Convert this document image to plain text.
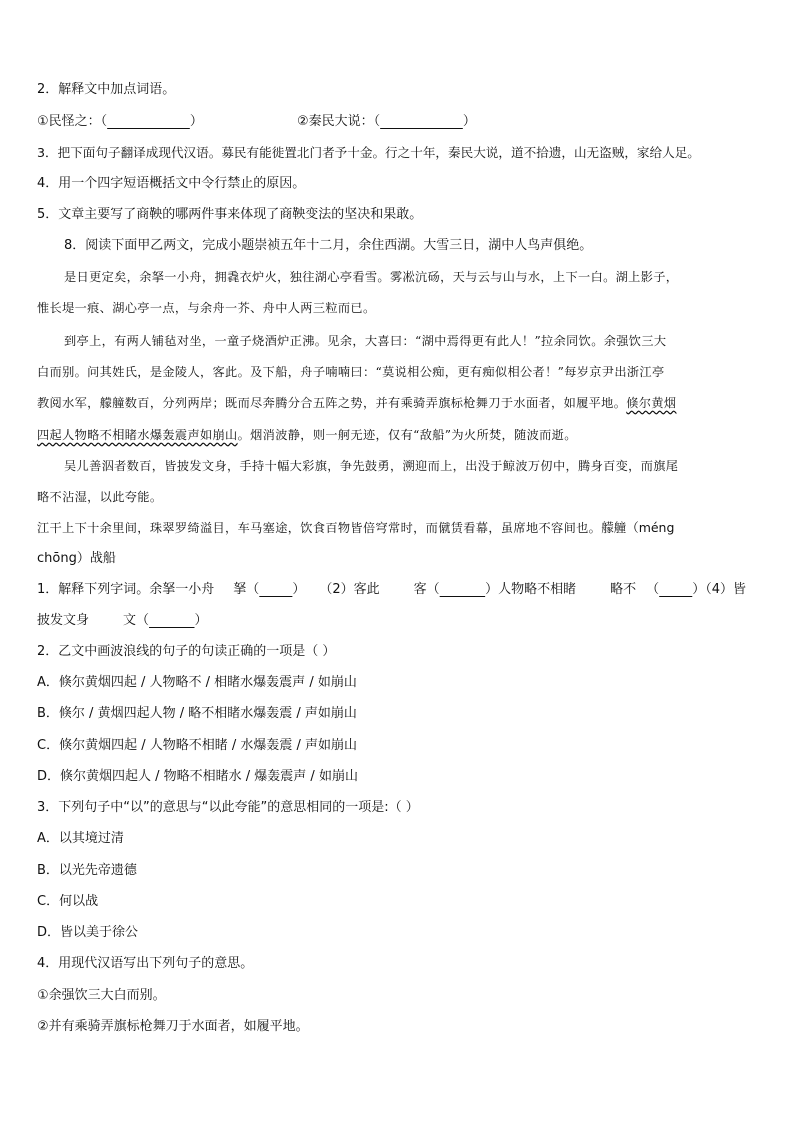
2．解释文中加点词语。
①民怪之：（	）	②秦民大说：（	）
3．把下面句子翻译成现代汉语。募民有能徙置北门者予十金。行之十年，秦民大说，道不拾遗，山无盗贼，家给人足。
4．用一个四字短语概括文中令行禁止的原因。
5．文章主要写了商鞅的哪两件事来体现了商鞅变法的坚决和果敢。
8．阅读下面甲乙两文，完成小题崇祯五年十二月，余住西湖。大雪三日，湖中人鸟声俱绝。
是日更定矣，余拏一小舟，拥毳衣炉火，独往湖心亭看雪。雾凇沆砀，天与云与山与水，上下一白。湖上影子，
惟长堤一痕、湖心亭一点，与余舟一芥、舟中人两三粒而已。
到亭上，有两人铺毡对坐，一童子烧酒炉正沸。见余，大喜曰：“湖中焉得更有此人！”拉余同饮。余强饮三大
白而别。问其姓氏，是金陵人，客此。及下船，舟子喃喃曰：“莫说相公痴，更有痴似相公者！”每岁京尹出浙江亭
教阅水军，艨艟数百，分列两岸；既而尽奔腾分合五阵之势，并有乘骑弄旗标枪舞刀于水面者，如履平地。倏尔黄烟
四起人物略不相睹水爆轰震声如崩山。烟消波静，则一舸无迹，仅有“敌船”为火所焚，随波而逝。
吴儿善泅者数百，皆披发文身，手持十幅大彩旗，争先鼓勇，溯迎而上，出没于鲸波万仞中，腾身百变，而旗尾
略不沾湿，以此夸能。
江干上下十余里间，珠翠罗绮溢目，车马塞途，饮食百物皆倍穹常时，而僦赁看幕，虽席地不容间也。艨艟（méng
chōng）战船
1．解释下列字词。余拏一小舟 拏（	） （2）客此	客（	）人物略不相睹	略不 （	）（4）皆
披发文身	文（	）
2．乙文中画波浪线的句子的句读正确的一项是（ ）
A．倏尔黄烟四起 / 人物略不 / 相睹水爆轰震声 / 如崩山
B．倏尔 / 黄烟四起人物 / 略不相睹水爆轰震 / 声如崩山
C．倏尔黄烟四起 / 人物略不相睹 / 水爆轰震 / 声如崩山
D．倏尔黄烟四起人 / 物略不相睹水 / 爆轰震声 / 如崩山
3．下列句子中“以”的意思与“以此夸能”的意思相同的一项是:（ ）
A．以其境过清
B．以光先帝遗德
C．何以战
D．皆以美于徐公
4．用现代汉语写出下列句子的意思。
①余强饮三大白而别。
②并有乘骑弄旗标枪舞刀于水面者，如履平地。
